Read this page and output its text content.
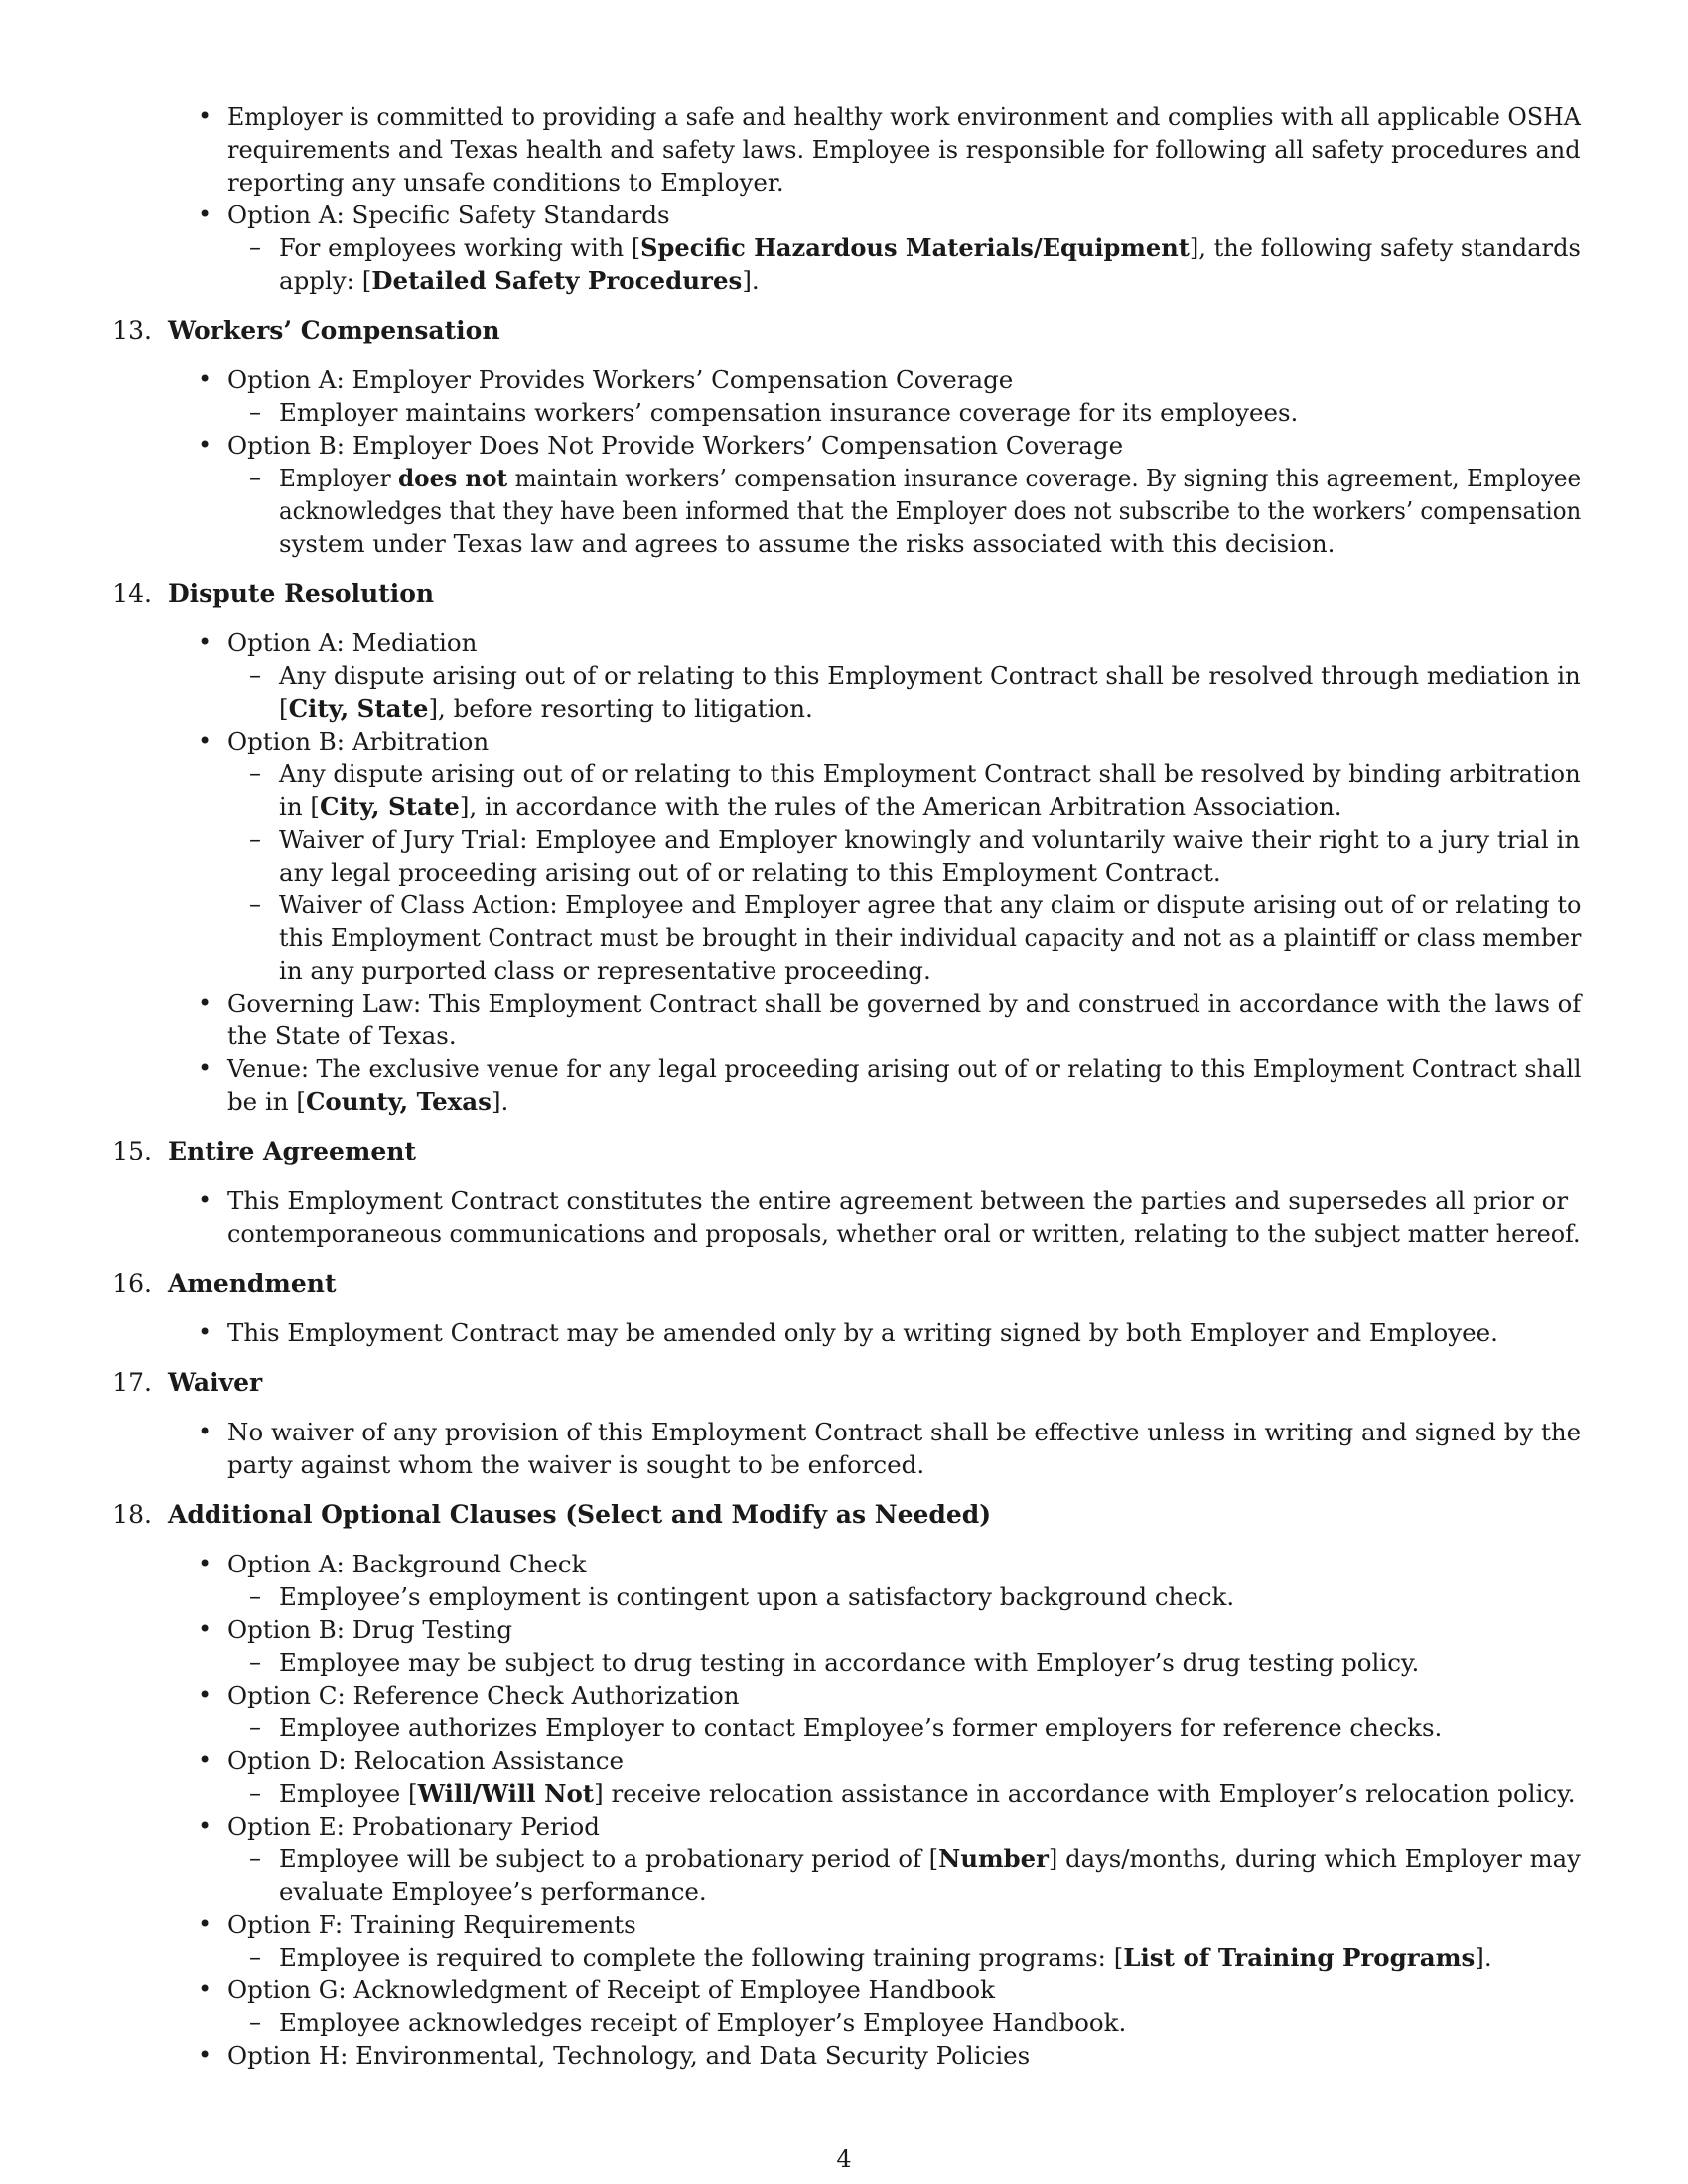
• Employer is committed to providing a safe and healthy work environment and complies with all applicable OSHA
requirements and Texas health and safety laws. Employee is responsible for following all safety procedures and
reporting any unsafe conditions to Employer.
• Option A: Specific Safety Standards
– For employees working with [Specific Hazardous Materials/Equipment], the following safety standards
apply: [Detailed Safety Procedures].
13. Workers’ Compensation
• Option A: Employer Provides Workers’ Compensation Coverage
– Employer maintains workers’ compensation insurance coverage for its employees.
• Option B: Employer Does Not Provide Workers’ Compensation Coverage
– Employer does not maintain workers’ compensation insurance coverage. By signing this agreement, Employee
acknowledges that they have been informed that the Employer does not subscribe to the workers’ compensation
system under Texas law and agrees to assume the risks associated with this decision.
14. Dispute Resolution
• Option A: Mediation
– Any dispute arising out of or relating to this Employment Contract shall be resolved through mediation in
[City, State], before resorting to litigation.
• Option B: Arbitration
– Any dispute arising out of or relating to this Employment Contract shall be resolved by binding arbitration
in [City, State], in accordance with the rules of the American Arbitration Association.
– Waiver of Jury Trial: Employee and Employer knowingly and voluntarily waive their right to a jury trial in
any legal proceeding arising out of or relating to this Employment Contract.
– Waiver of Class Action: Employee and Employer agree that any claim or dispute arising out of or relating to
this Employment Contract must be brought in their individual capacity and not as a plaintiff or class member
in any purported class or representative proceeding.
• Governing Law: This Employment Contract shall be governed by and construed in accordance with the laws of
the State of Texas.
• Venue: The exclusive venue for any legal proceeding arising out of or relating to this Employment Contract shall
be in [County, Texas].
15. Entire Agreement
• This Employment Contract constitutes the entire agreement between the parties and supersedes all prior or
contemporaneous communications and proposals, whether oral or written, relating to the subject matter hereof.
16. Amendment
• This Employment Contract may be amended only by a writing signed by both Employer and Employee.
17. Waiver
• No waiver of any provision of this Employment Contract shall be effective unless in writing and signed by the
party against whom the waiver is sought to be enforced.
18. Additional Optional Clauses (Select and Modify as Needed)
• Option A: Background Check
– Employee’s employment is contingent upon a satisfactory background check.
• Option B: Drug Testing
– Employee may be subject to drug testing in accordance with Employer’s drug testing policy.
• Option C: Reference Check Authorization
– Employee authorizes Employer to contact Employee’s former employers for reference checks.
• Option D: Relocation Assistance
– Employee [Will/Will Not] receive relocation assistance in accordance with Employer’s relocation policy.
• Option E: Probationary Period
– Employee will be subject to a probationary period of [Number] days/months, during which Employer may
evaluate Employee’s performance.
• Option F: Training Requirements
– Employee is required to complete the following training programs: [List of Training Programs].
• Option G: Acknowledgment of Receipt of Employee Handbook
– Employee acknowledges receipt of Employer’s Employee Handbook.
• Option H: Environmental, Technology, and Data Security Policies
4
